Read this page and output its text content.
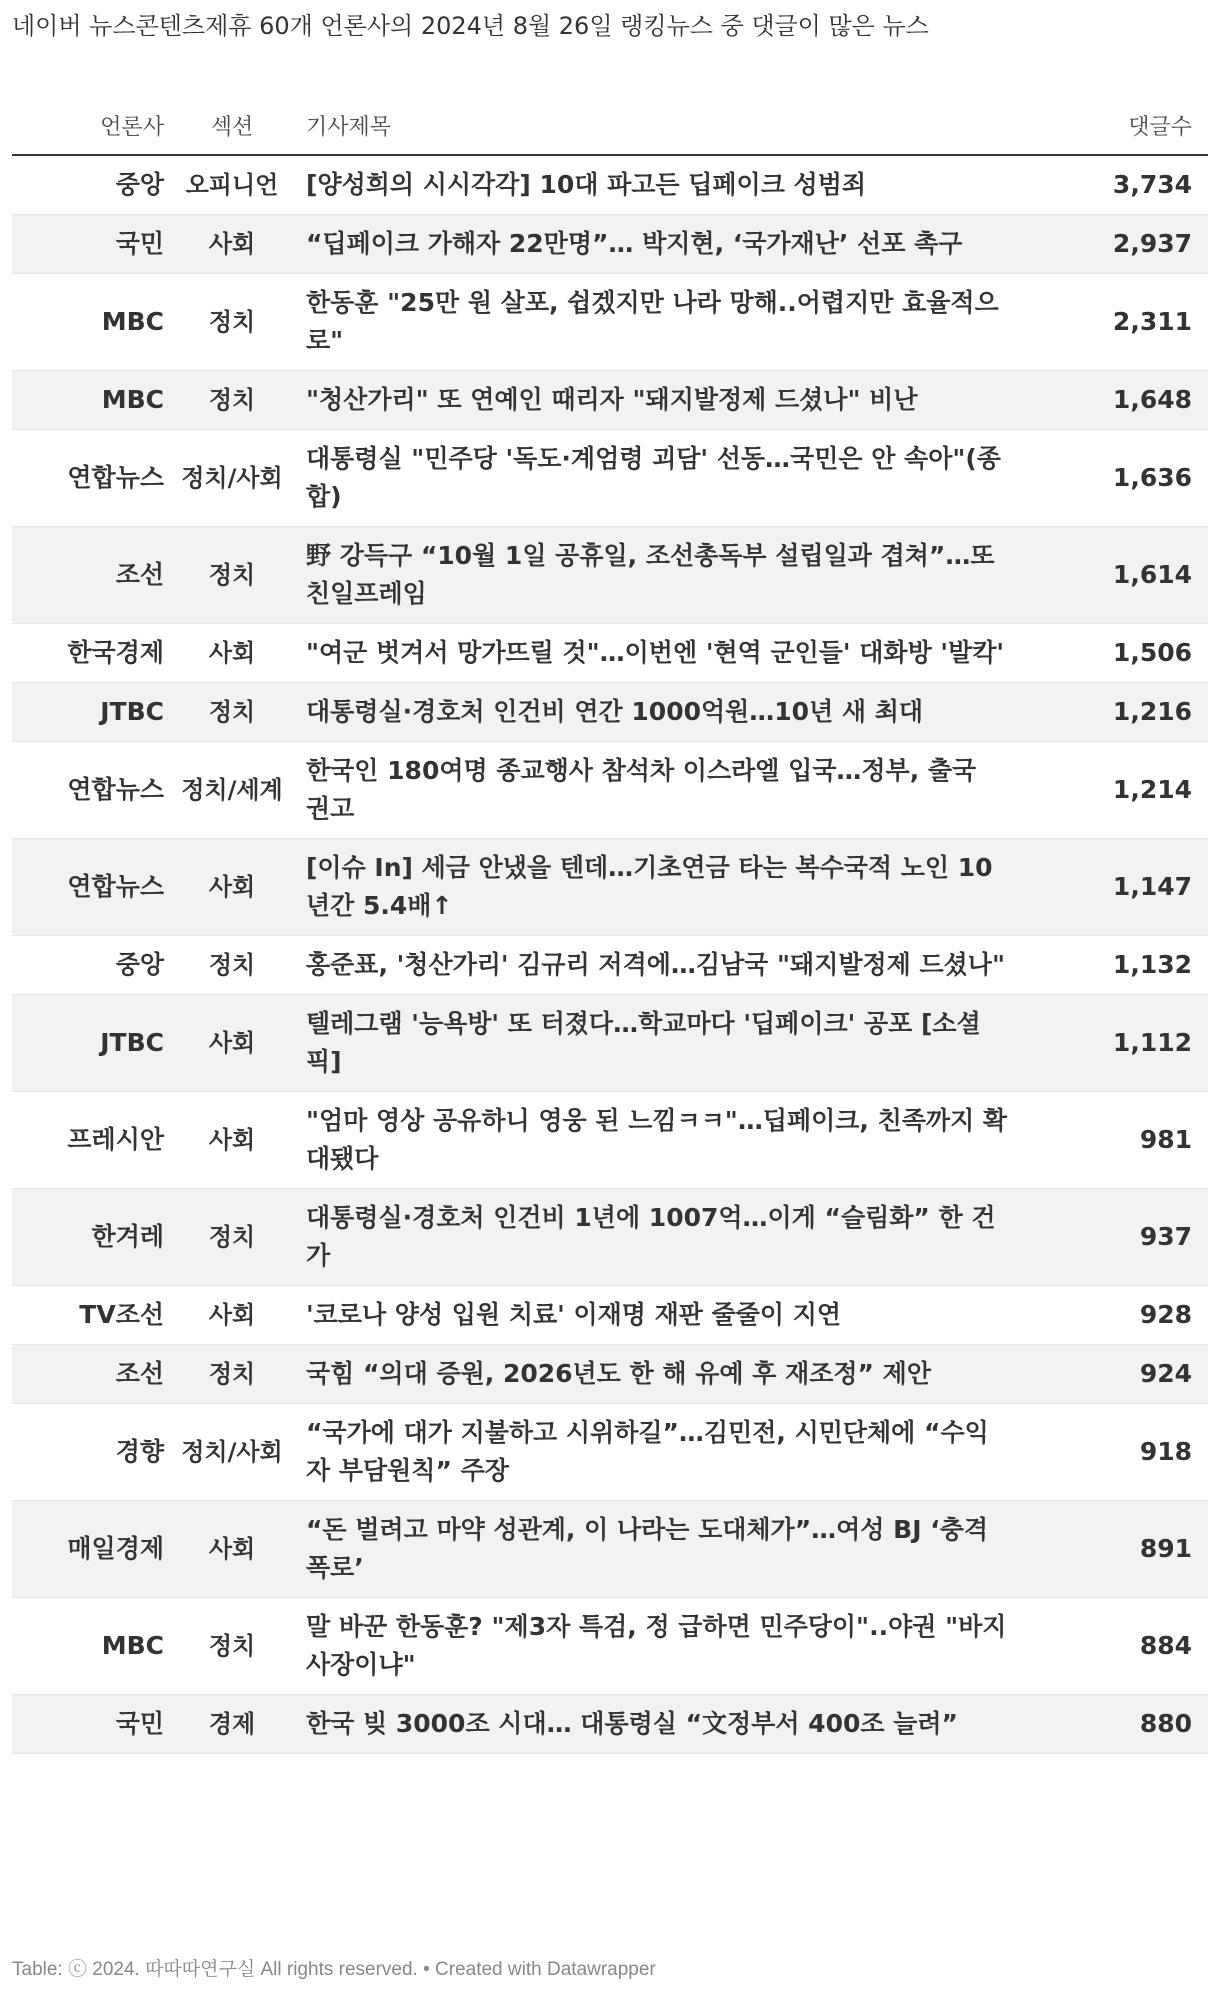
네이버 뉴스콘텐츠제휴 60개 언론사의 2024년 8월 26일 랭킹뉴스 중 댓글이 많은 뉴스
언론사	섹션	기사제목	댓글수
중앙	오피니언	[양성희의 시시각각] 10대 파고든 딥페이크 성범죄	3,734
국민	사회	“딥페이크 가해자 22만명”… 박지현, ‘국가재난’ 선포 촉구	2,937
MBC	정치	한동훈 "25만 원 살포, 쉽겠지만 나라 망해..어렵지만 효율적으로"	2,311
MBC	정치	"청산가리" 또 연예인 때리자 "돼지발정제 드셨나" 비난	1,648
연합뉴스	정치/사회	대통령실 "민주당 '독도·계엄령 괴담' 선동…국민은 안 속아"(종합)	1,636
조선	정치	野 강득구 “10월 1일 공휴일, 조선총독부 설립일과 겹쳐”…또 친일프레임	1,614
한국경제	사회	"여군 벗겨서 망가뜨릴 것"…이번엔 '현역 군인들' 대화방 '발칵'	1,506
JTBC	정치	대통령실·경호처 인건비 연간 1000억원…10년 새 최대	1,216
연합뉴스	정치/세계	한국인 180여명 종교행사 참석차 이스라엘 입국…정부, 출국 권고	1,214
연합뉴스	사회	[이슈 In] 세금 안냈을 텐데…기초연금 타는 복수국적 노인 10년간 5.4배↑	1,147
중앙	정치	홍준표, '청산가리' 김규리 저격에…김남국 "돼지발정제 드셨나"	1,132
JTBC	사회	텔레그램 '능욕방' 또 터졌다…학교마다 '딥페이크' 공포 [소셜픽]	1,112
프레시안	사회	"엄마 영상 공유하니 영웅 된 느낌ㅋㅋ"…딥페이크, 친족까지 확대됐다	981
한겨레	정치	대통령실·경호처 인건비 1년에 1007억…이게 “슬림화” 한 건가	937
TV조선	사회	'코로나 양성 입원 치료' 이재명 재판 줄줄이 지연	928
조선	정치	국힘 “의대 증원, 2026년도 한 해 유예 후 재조정” 제안	924
경향	정치/사회	“국가에 대가 지불하고 시위하길”…김민전, 시민단체에 “수익자 부담원칙” 주장	918
매일경제	사회	“돈 벌려고 마약 성관계, 이 나라는 도대체가”…여성 BJ ‘충격폭로’	891
MBC	정치	말 바꾼 한동훈? "제3자 특검, 정 급하면 민주당이"..야권 "바지 사장이냐"	884
국민	경제	한국 빚 3000조 시대… 대통령실 “文정부서 400조 늘려”	880
Table: ⓒ 2024. 따따따연구실 All rights reserved. • Created with Datawrapper
